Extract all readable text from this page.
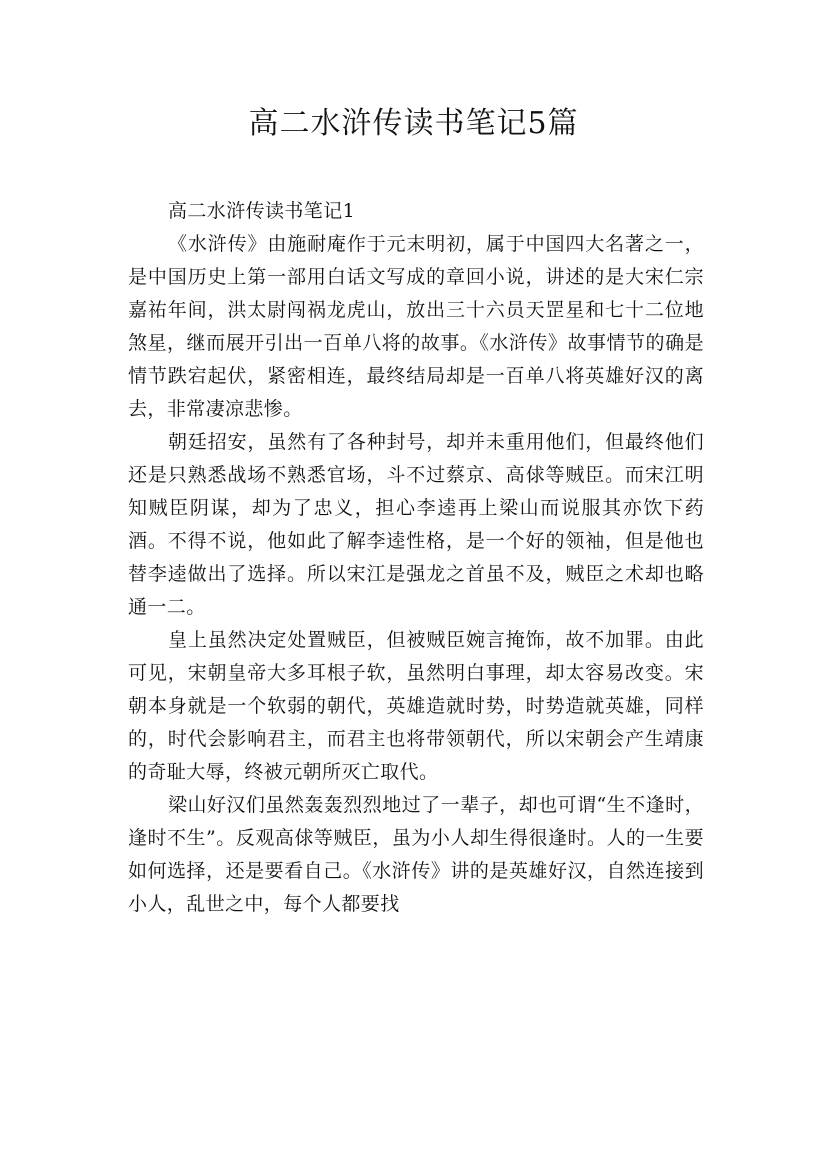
高二水浒传读书笔记5篇

高二水浒传读书笔记1

《水浒传》由施耐庵作于元末明初，属于中国四大名著之一，是中国历史上第一部用白话文写成的章回小说，讲述的是大宋仁宗嘉祐年间，洪太尉闯祸龙虎山，放出三十六员天罡星和七十二位地煞星，继而展开引出一百单八将的故事。《水浒传》故事情节的确是情节跌宕起伏，紧密相连，最终结局却是一百单八将英雄好汉的离去，非常凄凉悲惨。

朝廷招安，虽然有了各种封号，却并未重用他们，但最终他们还是只熟悉战场不熟悉官场，斗不过蔡京、高俅等贼臣。而宋江明知贼臣阴谋，却为了忠义，担心李逵再上梁山而说服其亦饮下药酒。不得不说，他如此了解李逵性格，是一个好的领袖，但是他也替李逵做出了选择。所以宋江是强龙之首虽不及，贼臣之术却也略通一二。

皇上虽然决定处置贼臣，但被贼臣婉言掩饰，故不加罪。由此可见，宋朝皇帝大多耳根子软，虽然明白事理，却太容易改变。宋朝本身就是一个软弱的朝代，英雄造就时势，时势造就英雄，同样的，时代会影响君主，而君主也将带领朝代，所以宋朝会产生靖康的奇耻大辱，终被元朝所灭亡取代。

梁山好汉们虽然轰轰烈烈地过了一辈子，却也可谓“生不逢时，逢时不生”。反观高俅等贼臣，虽为小人却生得很逢时。人的一生要如何选择，还是要看自己。《水浒传》讲的是英雄好汉，自然连接到小人，乱世之中，每个人都要找
